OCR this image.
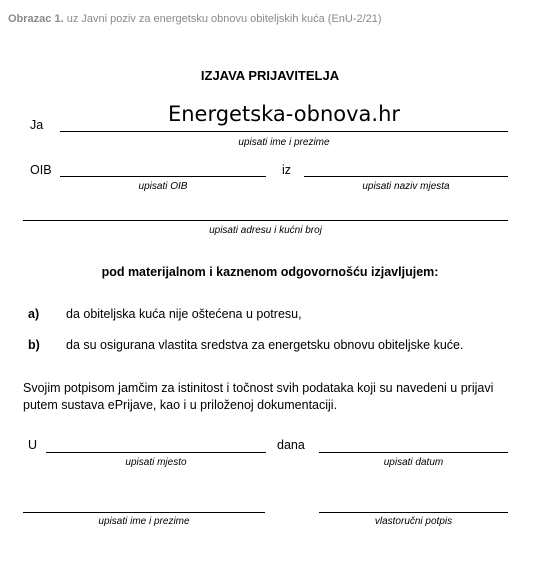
Obrazac 1. uz Javni poziv za energetsku obnovu obiteljskih kuća (EnU-2/21)
IZJAVA PRIJAVITELJA
Ja	Energetska-obnova.hr
upisati ime i prezime
OIB
upisati OIB
iz
upisati naziv mjesta
upisati adresu i kućni broj
pod materijalnom i kaznenom odgovornošću izjavljujem:
a) da obiteljska kuća nije oštećena u potresu,
b) da su osigurana vlastita sredstva za energetsku obnovu obiteljske kuće.
Svojim potpisom jamčim za istinitost i točnost svih podataka koji su navedeni u prijavi putem sustava ePrijave, kao i u priloženoj dokumentaciji.
U
upisati mjesto
dana
upisati datum
upisati ime i prezime	vlastoručni potpis
